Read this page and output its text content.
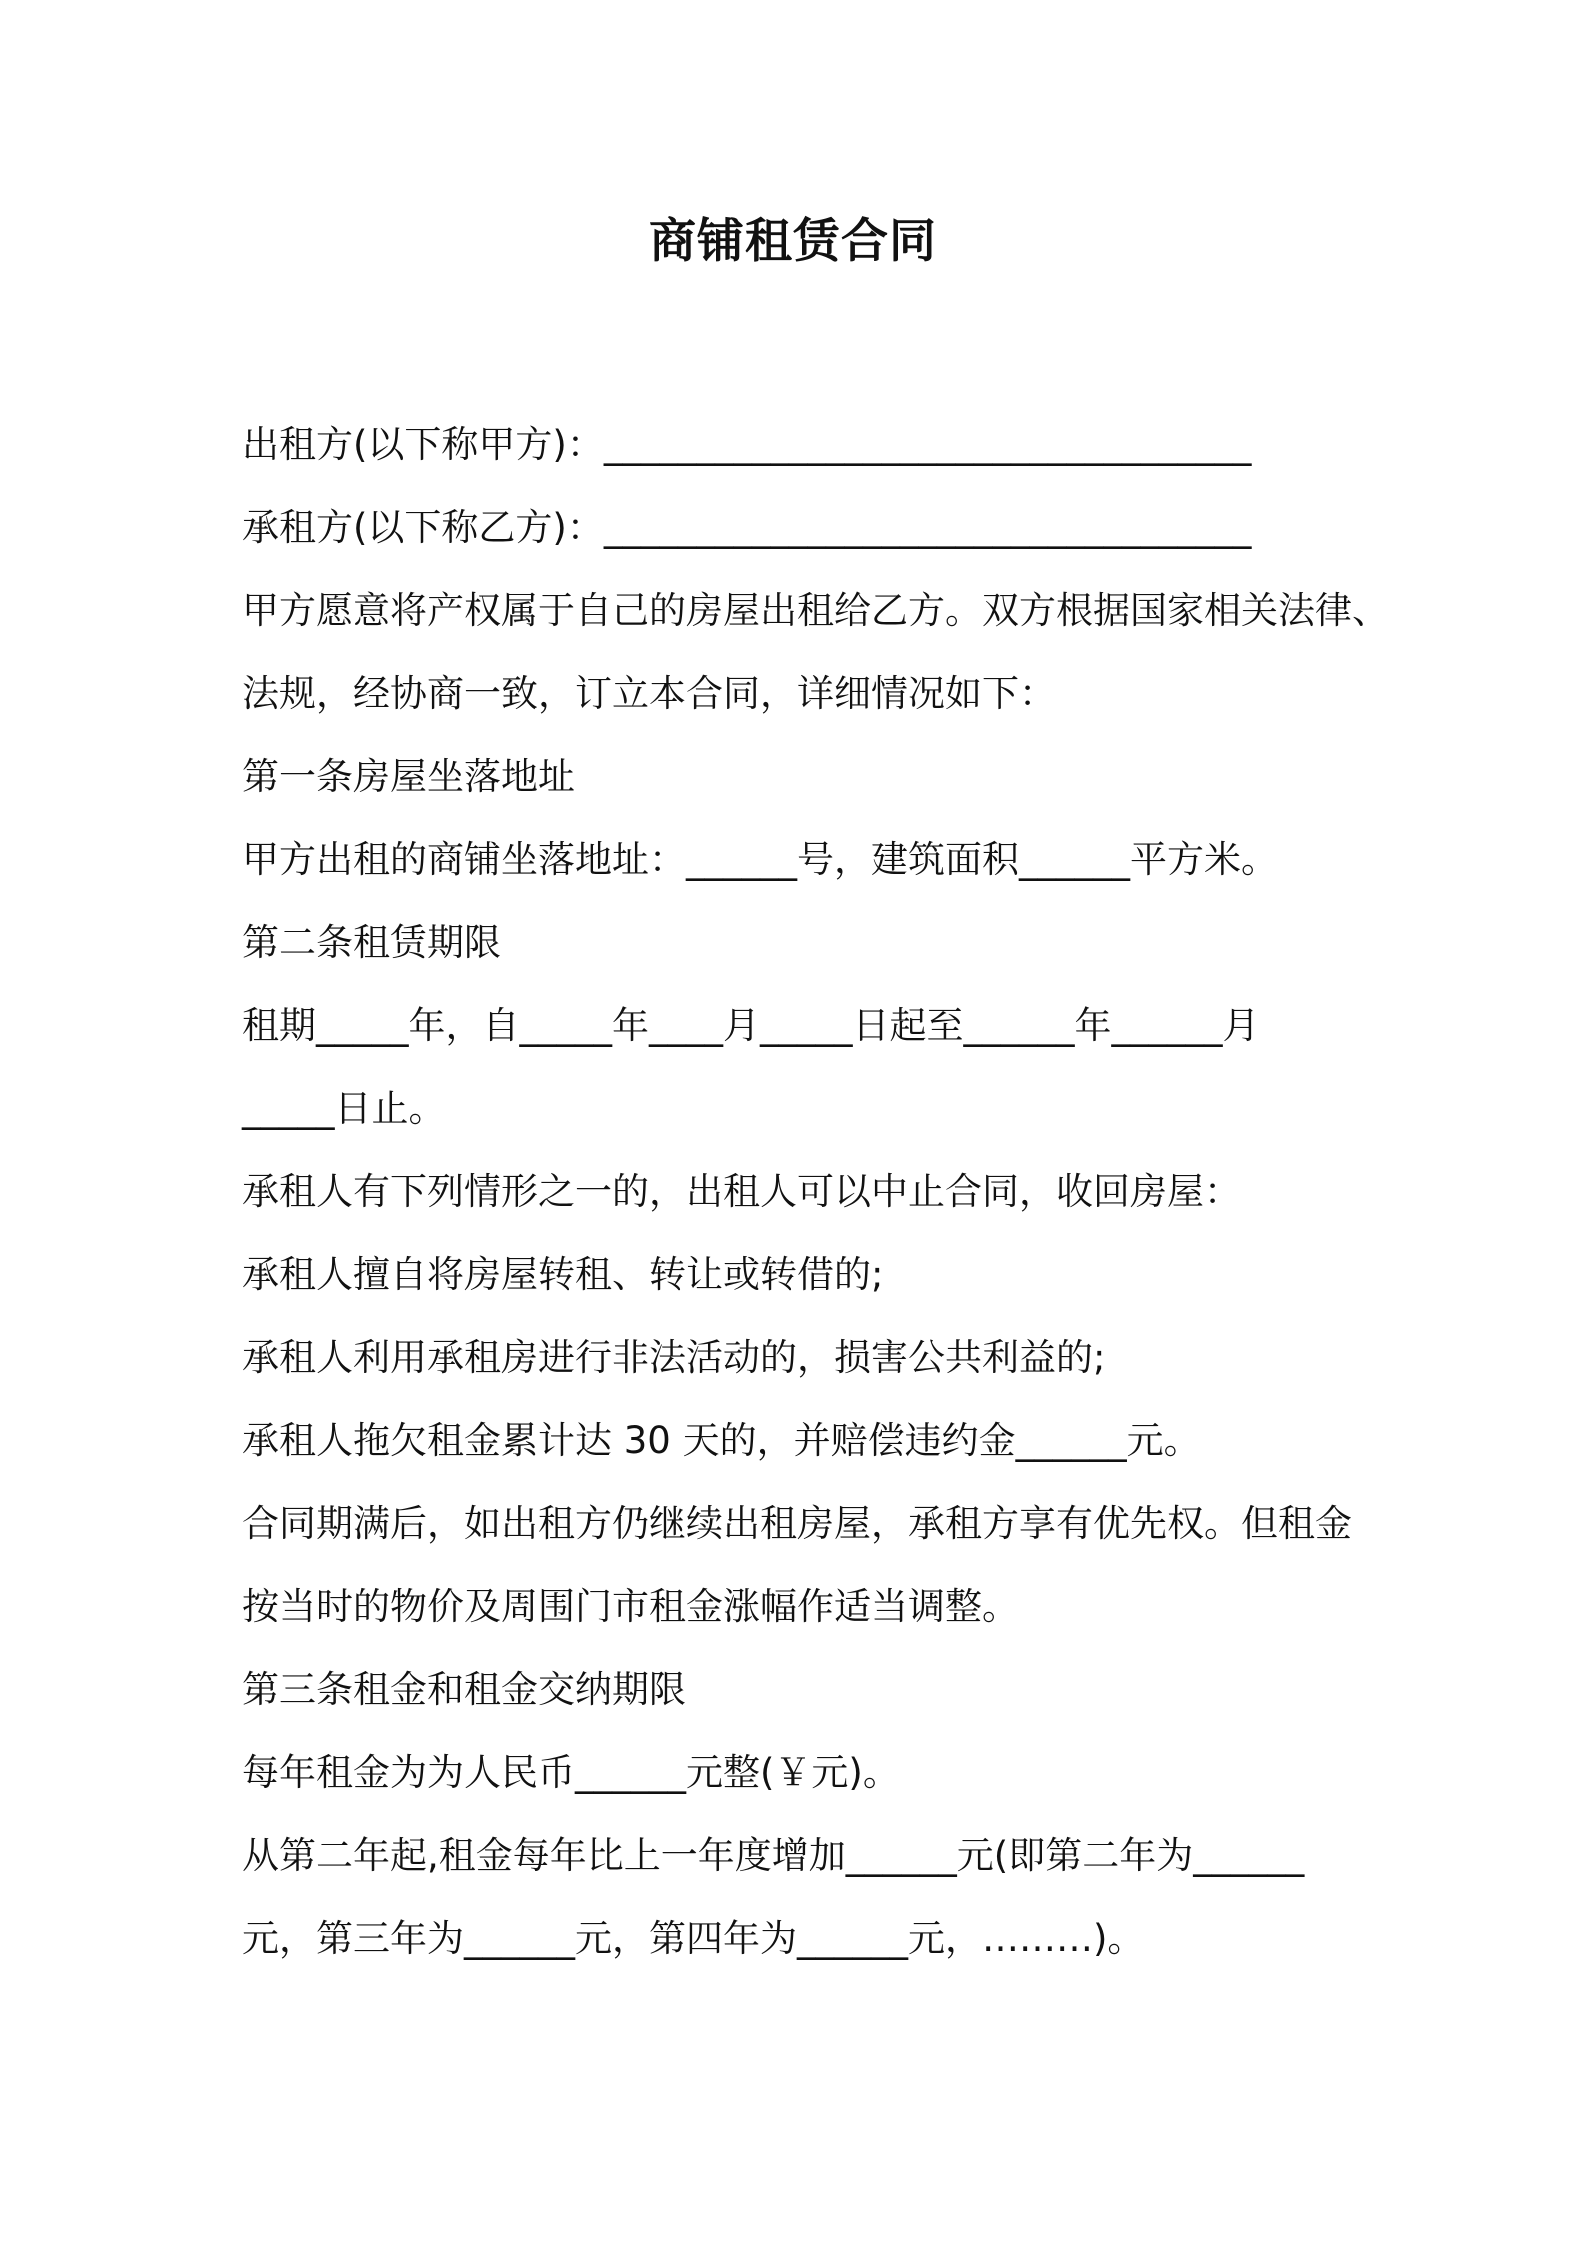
商铺租赁合同

出租方(以下称甲方)：___________________________________

承租方(以下称乙方)：___________________________________

甲方愿意将产权属于自己的房屋出租给乙方。双方根据国家相关法律、

法规，经协商一致，订立本合同，详细情况如下：

第一条房屋坐落地址

甲方出租的商铺坐落地址：______号，建筑面积______平方米。

第二条租赁期限

租期_____年，自_____年____月_____日起至______年______月

_____日止。

承租人有下列情形之一的，出租人可以中止合同，收回房屋：

承租人擅自将房屋转租、转让或转借的;

承租人利用承租房进行非法活动的，损害公共利益的;

承租人拖欠租金累计达 30 天的，并赔偿违约金______元。

合同期满后，如出租方仍继续出租房屋，承租方享有优先权。但租金

按当时的物价及周围门市租金涨幅作适当调整。

第三条租金和租金交纳期限

每年租金为为人民币______元整(￥元)。

从第二年起,租金每年比上一年度增加______元(即第二年为______

元，第三年为______元，第四年为______元，………)。
